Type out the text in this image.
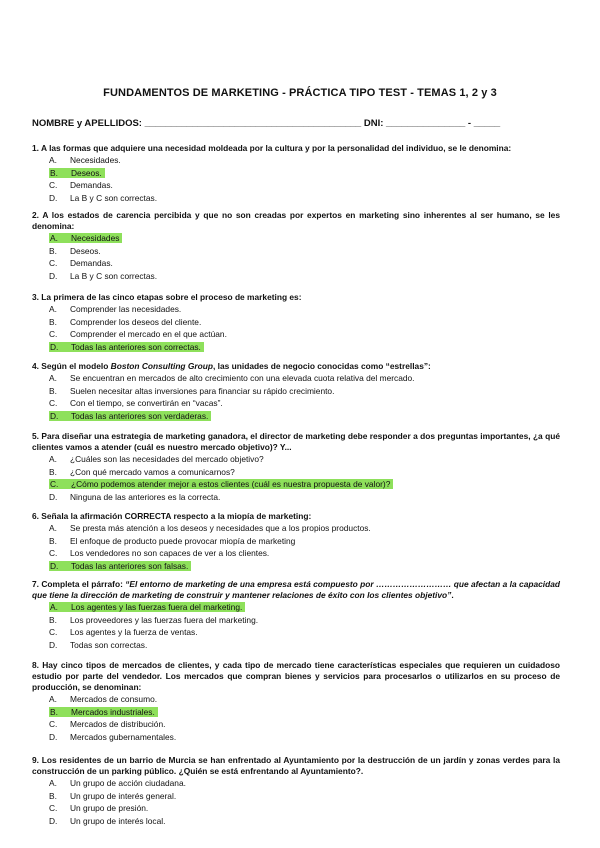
FUNDAMENTOS DE MARKETING - PRÁCTICA TIPO TEST - TEMAS 1, 2 y 3
NOMBRE y APELLIDOS: _________________________________________ DNI: _______________ - _____
1. A las formas que adquiere una necesidad moldeada por la cultura y por la personalidad del individuo, se le denomina:
A. Necesidades.
B. Deseos.
C. Demandas.
D. La B y C son correctas.
2. A los estados de carencia percibida y que no son creadas por expertos en marketing sino inherentes al ser humano, se les denomina:
A. Necesidades
B. Deseos.
C. Demandas.
D. La B y C son correctas.
3. La primera de las cinco etapas sobre el proceso de marketing es:
A. Comprender las necesidades.
B. Comprender los deseos del cliente.
C. Comprender el mercado en el que actúan.
D. Todas las anteriores son correctas.
4. Según el modelo Boston Consulting Group, las unidades de negocio conocidas como “estrellas”:
A. Se encuentran en mercados de alto crecimiento con una elevada cuota relativa del mercado.
B. Suelen necesitar altas inversiones para financiar su rápido crecimiento.
C. Con el tiempo, se convertirán en “vacas”.
D. Todas las anteriores son verdaderas.
5. Para diseñar una estrategia de marketing ganadora, el director de marketing debe responder a dos preguntas importantes, ¿a qué clientes vamos a atender (cuál es nuestro mercado objetivo)? Y...
A. ¿Cuáles son las necesidades del mercado objetivo?
B. ¿Con qué mercado vamos a comunicarnos?
C. ¿Cómo podemos atender mejor a estos clientes (cuál es nuestra propuesta de valor)?
D. Ninguna de las anteriores es la correcta.
6. Señala la afirmación CORRECTA respecto a la miopía de marketing:
A. Se presta más atención a los deseos y necesidades que a los propios productos.
B. El enfoque de producto puede provocar miopía de marketing
C. Los vendedores no son capaces de ver a los clientes.
D. Todas las anteriores son falsas.
7. Completa el párrafo: “El entorno de marketing de una empresa está compuesto por ……………………… que afectan a la capacidad que tiene la dirección de marketing de construir y mantener relaciones de éxito con los clientes objetivo”.
A. Los agentes y las fuerzas fuera del marketing.
B. Los proveedores y las fuerzas fuera del marketing.
C. Los agentes y la fuerza de ventas.
D. Todas son correctas.
8. Hay cinco tipos de mercados de clientes, y cada tipo de mercado tiene características especiales que requieren un cuidadoso estudio por parte del vendedor. Los mercados que compran bienes y servicios para procesarlos o utilizarlos en su proceso de producción, se denominan:
A. Mercados de consumo.
B. Mercados industriales.
C. Mercados de distribución.
D. Mercados gubernamentales.
9. Los residentes de un barrio de Murcia se han enfrentado al Ayuntamiento por la destrucción de un jardín y zonas verdes para la construcción de un parking público. ¿Quién se está enfrentando al Ayuntamiento?.
A. Un grupo de acción ciudadana.
B. Un grupo de interés general.
C. Un grupo de presión.
D. Un grupo de interés local.
